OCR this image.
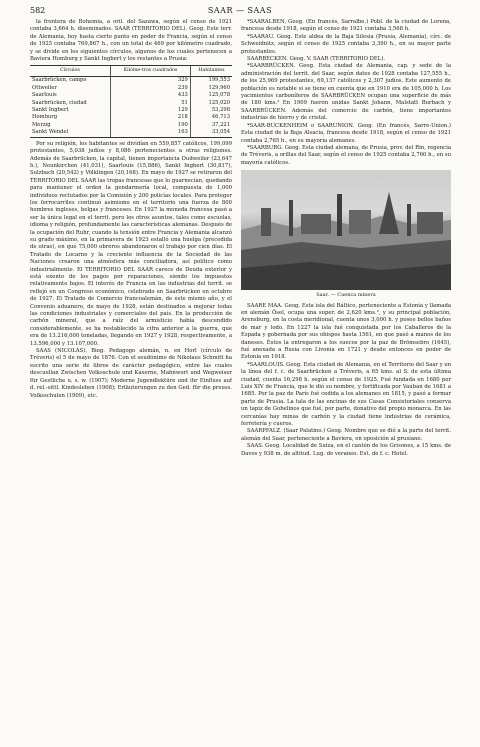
582	SAAR — SAAS

la frontera de Bohemia, a oril. del Sazawa, según el censo de 1921 contaba 3,664 h. diseminados. SAAR (TERRITORIO DEL). Geog. Este terr. de Alemania, hoy hasta cierto punto en poder de Francia, según el censo de 1925 contaba 769,867 h., con un total de 469 por kilómetro cuadrado, y se divide en los siguientes círculos, algunos de los cuales pertenecen a Baviera Homburg y Sankt Ingbert y los restantes a Prusia:

Círculos	Kilóme-tros cuadrados	Habitantes
Saarbrücken, campo	329	199,553
Ottweiler	239	129,960
Saarlouis	433	125,078
Saarbrücken, ciudad	51	125,020
Sankt Ingbert	129	53,298
Homburg	218	46,713
Merzig	190	37,221
Sankt Wendel	163	33,054

Por su religión, los habitantes se dividían en 559,857 católicos, 199,099 protestantes, 5,038 judíos y 8,086 pertenecientes a otras religiones. Además de Saarbrücken, la capital, tienen importancia Dudweiler (23,647 h.), Neunkirchen (41,031), Saarlouis (15,886), Sankt Ingbert (30,817), Sulzbach (20,542) y Völklingen (20,168). En mayo de 1927 se retiraron del TERRITORIO DEL SAAR las tropas francesas que lo guarnecían, quedando para mantener el orden la gendarmería local, compuesta de 1,000 individuos reclutados por la Comisión y 200 policías locales. Para proteger los ferrocarriles continuó asimismo en el territorio una fuerza de 800 hombres ingleses, belgas y franceses. En 1927 la moneda francesa pasó a ser la única legal en el territ. pero los otros asuntos, tales como escuelas, idioma y religión, profundamente las características alemanas. Después de la ocupación del Ruhr, cuando la tensión entre Francia y Alemania alcanzó su grado máximo, en la primavera de 1923 estalló una huelga (precedida de otras), en que 75,000 obreros abandonaron el trabajo por cien días. El Tratado de Locarno y la creciente influencia de la Sociedad de las Naciones crearon una atmósfera más conciliadora, así político como industrialmente. El TERRITORIO DEL SAAR carece de Deuda exterior y está exento de los pagos por reparaciones, siendo los impuestos relativamente bajos. El interés de Francia en las industrias del territ. se reflejó en un Congreso económico, celebrado en Saarbrücken en octubre de 1927. El Tratado de Comercio francoalemán, de este mismo año, y el Convenio aduanero, de mayo de 1928, están destinados a mejorar todas las condiciones industriales y comerciales del país. En la producción de carbón mineral, que a raíz del armisticio había descendido considerablemente, se ha restablecido la cifra anterior a la guerra, que era de 13.216,000 toneladas, llegando en 1927 y 1928, respectivamente, a 13.596,000 y 13.107,000.

SAAS (NICOLÁS). Biog. Pedagogo alemán, n. en Horl (círculo de Tréveris) el 5 de mayo de 1876. Con el seudónimo de Nikolaus Schmitt ha escrito una serie de libros de carácter pedagógico, entre las cuales descuellan Zwischen Volksschule und Kaserne, Mahnwort und Wegweiser für Gestliche u. s. w. (1907); Moderne Jugendlektüre und ihr Einfluss auf d. rel.-sittl. Kindesleben (1908); Erläuterungen zu den Ged. für die preuss. Volksschulen (1909), etc.

*SAARALBEN, Geog. (En francés, Sarralbe.) Pobl. de la ciudad de Lorena, francesa desde 1918, según el censo de 1921 contaba 3,568 h.

*SAARAU. Geog. Este aldea de la Baja Silesia (Prusia, Alemania), círc. de Schweidnitz, según el censo de 1925 contaba 3,390 h., en su mayor parte protestantes.

SAARBECKEN. Geog. V. SAAR (TERRITORIO DEL).

*SAARBRÜCKEN. Geog. Esta ciudad de Alemania, cap. y sede de la administración del territ. del Saar, según datos de 1928 contaba 127,555 h., de los 25,969 protestantes, 69,137 católicos y 2,307 judíos. Este aumento de población es notable si se tiene en cuenta que en 1910 era de 105,000 h. Los yacimientos carboníferos de SAARBRÜCKEN ocupan una superficie de más de 180 kms.² En 1909 fueron unidas Sankt Johann, Malstatt Burbach y SAARBRÜCKEN. Además del comercio de carbón, tiene importantes industrias de hierro y de cristal.

*SAAR-BUCKENHEIM o SAARUNION. Geog. (En francés, Sarre-Union.) Esta ciudad de la Baja Alsacia, francesa desde 1918, según el censo de 1921 contaba 2,765 h., en su mayoría alemanes.

*SAARBURG. Geog. Esta ciudad alemana, de Prusia, prov. del Rin, regencia de Tréveris, a orillas del Saar, según el censo de 1925 contaba 2,760 h., en su mayoría católicos.

Saar. — Cuenca minera

SAARE MAA. Geog. Esta isla del Báltico, perteneciente a Estonia y llamada en alemán Ösel, ocupa una super. de 2,620 kms.², y su principal población, Arensburg, en la costa meridional, cuenta unos 3,000 h. y posee bellos baños de mar y lodo. En 1227 la isla fué conquistada por los Caballeros de la Espada y gobernada por sus obispos hasta 1561, en que pasó a manos de los daneses. Éstos la entregaron a los suecos por la paz de Brömsebro (1645), fué anexada a Rusia con Livonia en 1721 y desde entonces en poder de Estonia en 1918.

*SAARLOUIS. Geog. Esta ciudad de Alemania, en el Territorio del Saar y en la línea del f. c. de Saarbrücken a Tréveris, a 65 kms. al S. de esta última ciudad, cuenta 16,298 h. según el censo de 1925. Fué fundada en 1680 por Luis XIV de Francia, que le dió su nombre, y fortificada por Vauban de 1681 a 1685. Por la paz de París fué cedida a los alemanes en 1815, y pasó a formar parte de Prusia. La tala de las encinas de sus Casas Consistoriales conserva un tapiz de Gobelinos que fué, por parte, donativo del propio monarca. En las cercanías hay minas de carbón y la ciudad tiene industrias de cerámica, ferretería y cueros.

SAARPFALZ. (Saar Palatino.) Geog. Nombre que se dió a la parte del territ. alemán del Saar, perteneciente a Baviera, en oposición al prusiano.

SAAS. Geog. Localidad de Suiza, en el cantón de los Grisones, a 15 kms. de Davos y 938 m. de altitud. Lug. de veraneo. Est. de f. c. Hotel.
